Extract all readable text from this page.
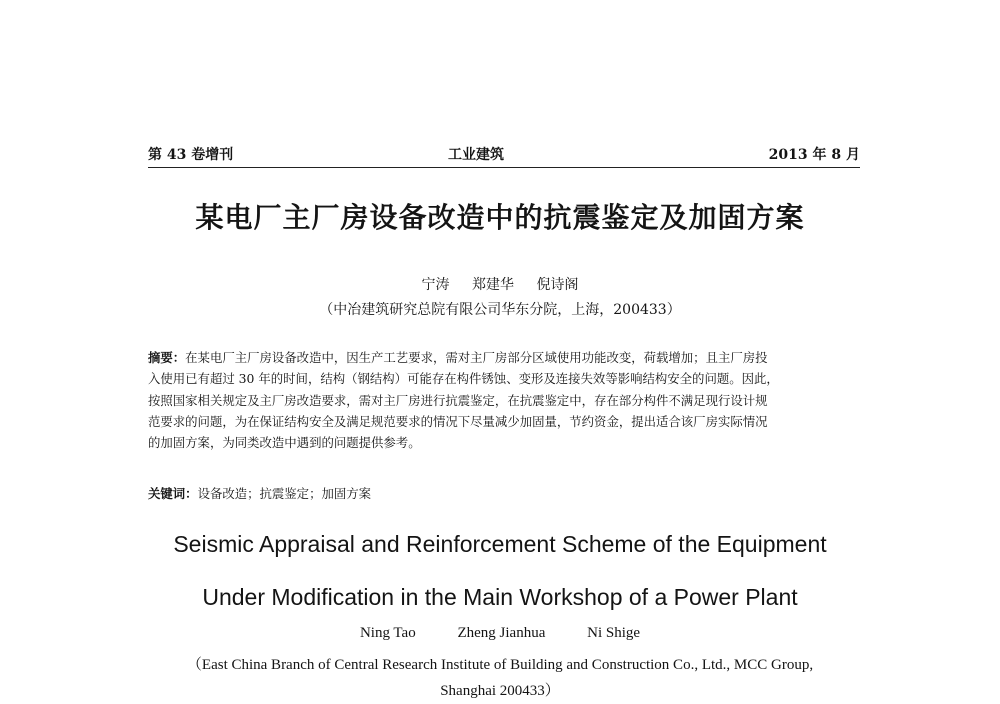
第 43 卷增刊	工业建筑	2013 年 8 月
某电厂主厂房设备改造中的抗震鉴定及加固方案
宁涛 郑建华 倪诗阁
（中冶建筑研究总院有限公司华东分院，上海，200433）
摘要：在某电厂主厂房设备改造中，因生产工艺要求，需对主厂房部分区域使用功能改变，荷载增加；且主厂房投
入使用已有超过 30 年的时间，结构（钢结构）可能存在构件锈蚀、变形及连接失效等影响结构安全的问题。因此，
按照国家相关规定及主厂房改造要求，需对主厂房进行抗震鉴定，在抗震鉴定中，存在部分构件不满足现行设计规
范要求的问题，为在保证结构安全及满足规范要求的情况下尽量减少加固量，节约资金，提出适合该厂房实际情况
的加固方案，为同类改造中遇到的问题提供参考。
关键词：设备改造；抗震鉴定；加固方案
Seismic Appraisal and Reinforcement Scheme of the Equipment
Under Modification in the Main Workshop of a Power Plant
Ning Tao	Zheng Jianhua	Ni Shige
（East China Branch of Central Research Institute of Building and Construction Co., Ltd., MCC Group,
Shanghai 200433）
